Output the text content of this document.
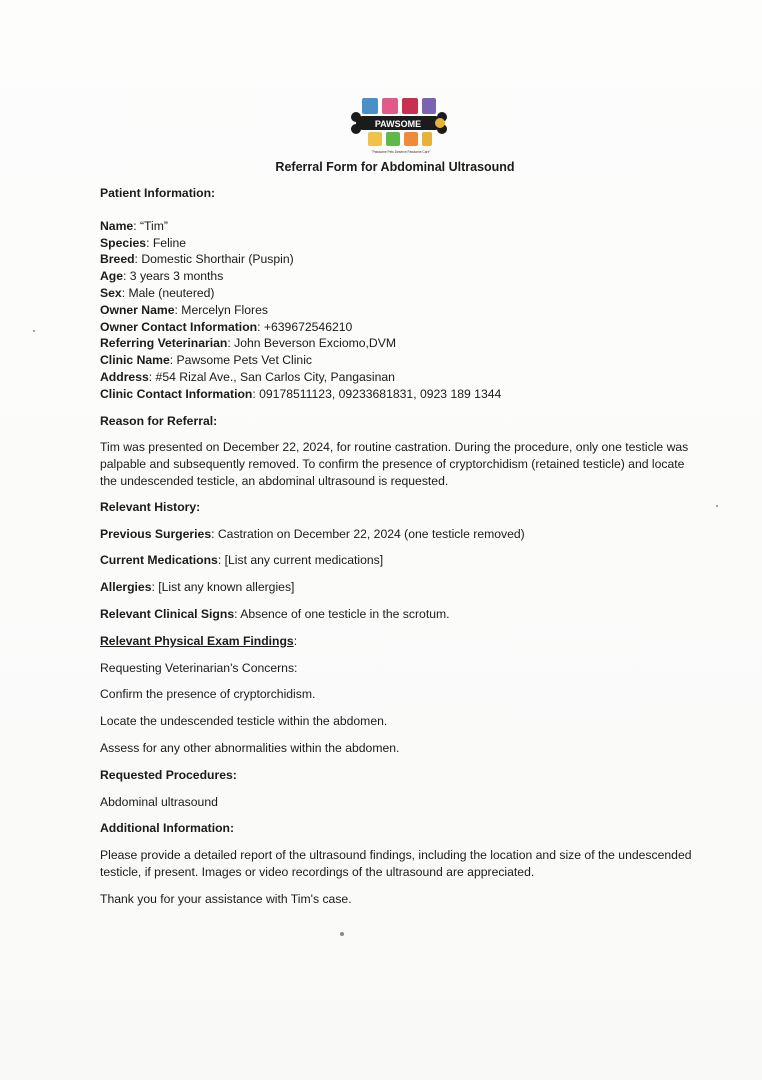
PAWSOME
"Pawsome Pets Deserve Pawsome Care"
Referral Form for Abdominal Ultrasound

Patient Information:

Name: “Tim”

Species: Feline

Breed: Domestic Shorthair (Puspin)

Age: 3 years 3 months

Sex: Male (neutered)

Owner Name: Mercelyn Flores

Owner Contact Information: +639672546210

Referring Veterinarian: John Beverson Exciomo,DVM

Clinic Name: Pawsome Pets Vet Clinic

Address: #54 Rizal Ave., San Carlos City, Pangasinan

Clinic Contact Information: 09178511123, 09233681831, 0923 189 1344

Reason for Referral:

Tim was presented on December 22, 2024, for routine castration. During the procedure, only one testicle was palpable and subsequently removed. To confirm the presence of cryptorchidism (retained testicle) and locate the undescended testicle, an abdominal ultrasound is requested.

Relevant History:

Previous Surgeries: Castration on December 22, 2024 (one testicle removed)

Current Medications: [List any current medications]

Allergies: [List any known allergies]

Relevant Clinical Signs: Absence of one testicle in the scrotum.

Relevant Physical Exam Findings:

Requesting Veterinarian's Concerns:

Confirm the presence of cryptorchidism.

Locate the undescended testicle within the abdomen.

Assess for any other abnormalities within the abdomen.

Requested Procedures:

Abdominal ultrasound

Additional Information:

Please provide a detailed report of the ultrasound findings, including the location and size of the undescended testicle, if present. Images or video recordings of the ultrasound are appreciated.

Thank you for your assistance with Tim's case.
